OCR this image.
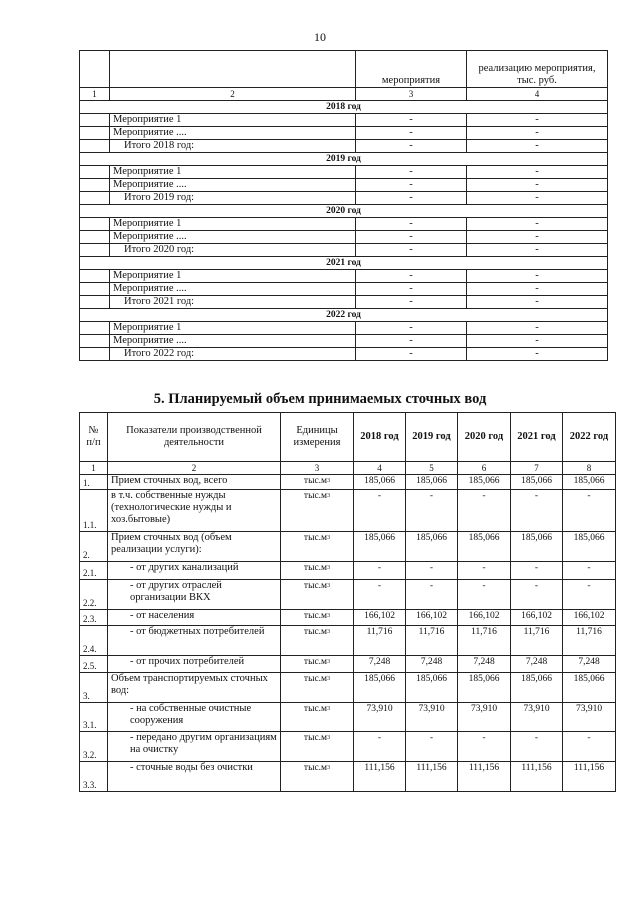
10
		мероприятия	реализацию мероприятия, тыс. руб.
1	2	3	4
2018 год			
	Мероприятие 1	-	-
	Мероприятие ....	-	-
	Итого 2018 год:	-	-
2019 год			
	Мероприятие 1	-	-
	Мероприятие ....	-	-
	Итого 2019 год:	-	-
2020 год			
	Мероприятие 1	-	-
	Мероприятие ....	-	-
	Итого 2020 год:	-	-
2021 год			
	Мероприятие 1	-	-
	Мероприятие ....	-	-
	Итого 2021 год:	-	-
2022 год			
	Мероприятие 1	-	-
	Мероприятие ....	-	-
	Итого 2022 год:	-	-
5. Планируемый объем принимаемых сточных вод
№ п/п	Показатели производственной деятельности	Единицы измерения	2018 год	2019 год	2020 год	2021 год	2022 год
1	2	3	4	5	6	7	8
1.	Прием сточных вод, всего	$тыс.м^3$	185,066	185,066	185,066	185,066	185,066
1.1.	в т.ч. собственные нужды (технологические нужды и хоз.бытовые)	$тыс.м^3$	-	-	-	-	-
2.	Прием сточных вод (объем реализации услуги):	$тыс.м^3$	185,066	185,066	185,066	185,066	185,066
2.1.	- от других канализаций	$тыс.м^3$	-	-	-	-	-
2.2.	- от других отраслей организации ВКХ	$тыс.м^3$	-	-	-	-	-
2.3.	- от населения	$тыс.м^3$	166,102	166,102	166,102	166,102	166,102
2.4.	- от бюджетных потребителей	$тыс.м^3$	11,716	11,716	11,716	11,716	11,716
2.5.	- от прочих потребителей	$тыс.м^3$	7,248	7,248	7,248	7,248	7,248
3.	Объем транспортируемых сточных вод:	$тыс.м^3$	185,066	185,066	185,066	185,066	185,066
3.1.	- на собственные очистные сооружения	$тыс.м^3$	73,910	73,910	73,910	73,910	73,910
3.2.	- передано другим организациям на очистку	$тыс.м^3$	-	-	-	-	-
3.3.	- сточные воды без очистки	$тыс.м^3$	111,156	111,156	111,156	111,156	111,156
